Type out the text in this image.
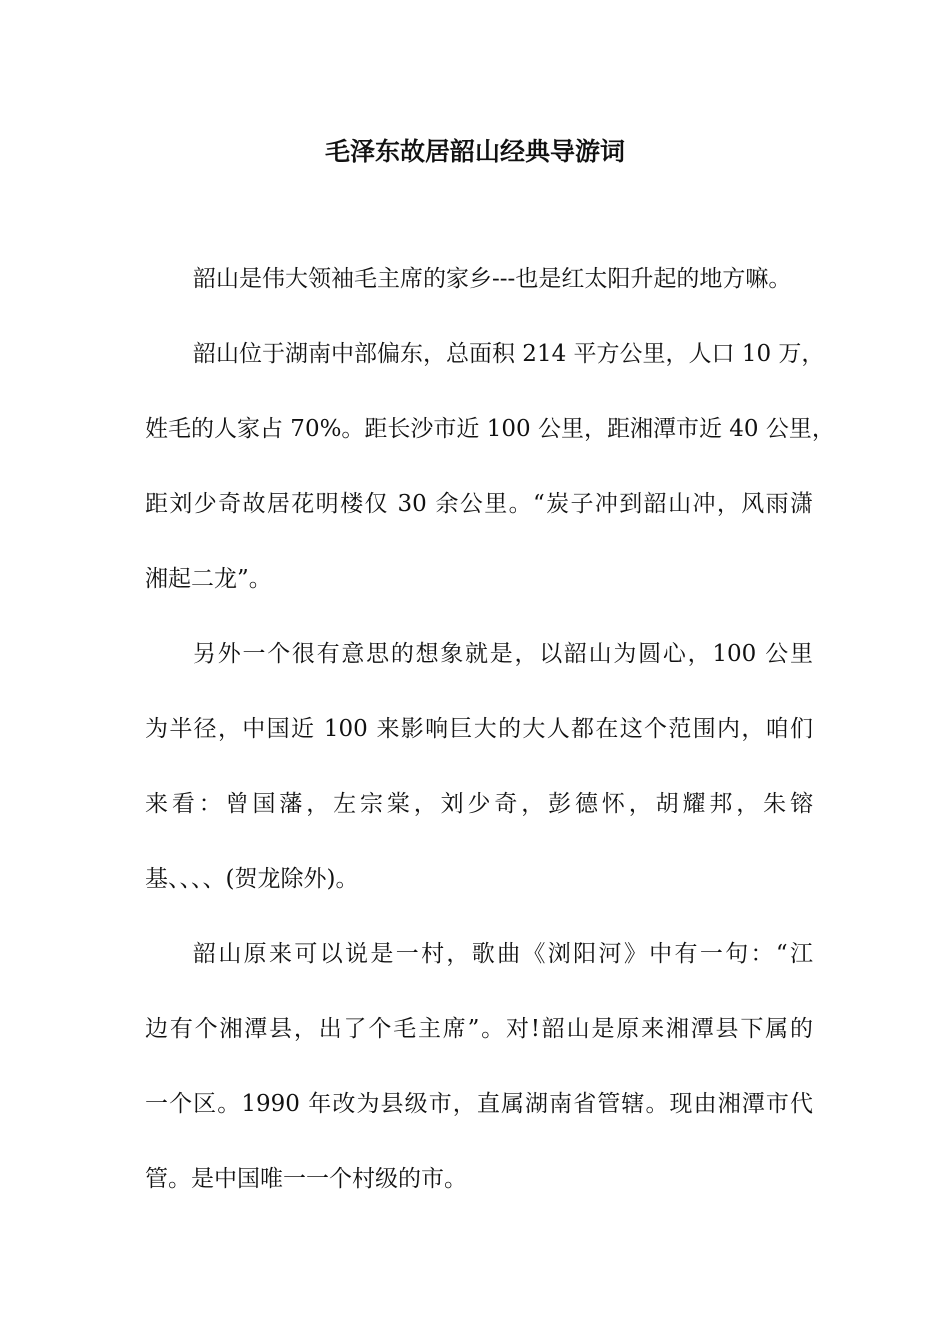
毛泽东故居韶山经典导游词
韶山是伟大领袖毛主席的家乡---也是红太阳升起的地方嘛。
韶山位于湖南中部偏东，总面积 214 平方公里，人口 10 万，
姓毛的人家占 70%。距长沙市近 100 公里，距湘潭市近 40 公里，
距刘少奇故居花明楼仅 30 余公里。“炭子冲到韶山冲，风雨潇
湘起二龙”。
另外一个很有意思的想象就是，以韶山为圆心，100 公里
为半径，中国近 100 来影响巨大的大人都在这个范围内，咱们
来看：曾国藩，左宗棠，刘少奇，彭德怀，胡耀邦，朱镕
基、、、、(贺龙除外)。
韶山原来可以说是一村，歌曲《浏阳河》中有一句：“江
边有个湘潭县，出了个毛主席”。对!韶山是原来湘潭县下属的
一个区。1990 年改为县级市，直属湖南省管辖。现由湘潭市代
管。是中国唯一一个村级的市。
